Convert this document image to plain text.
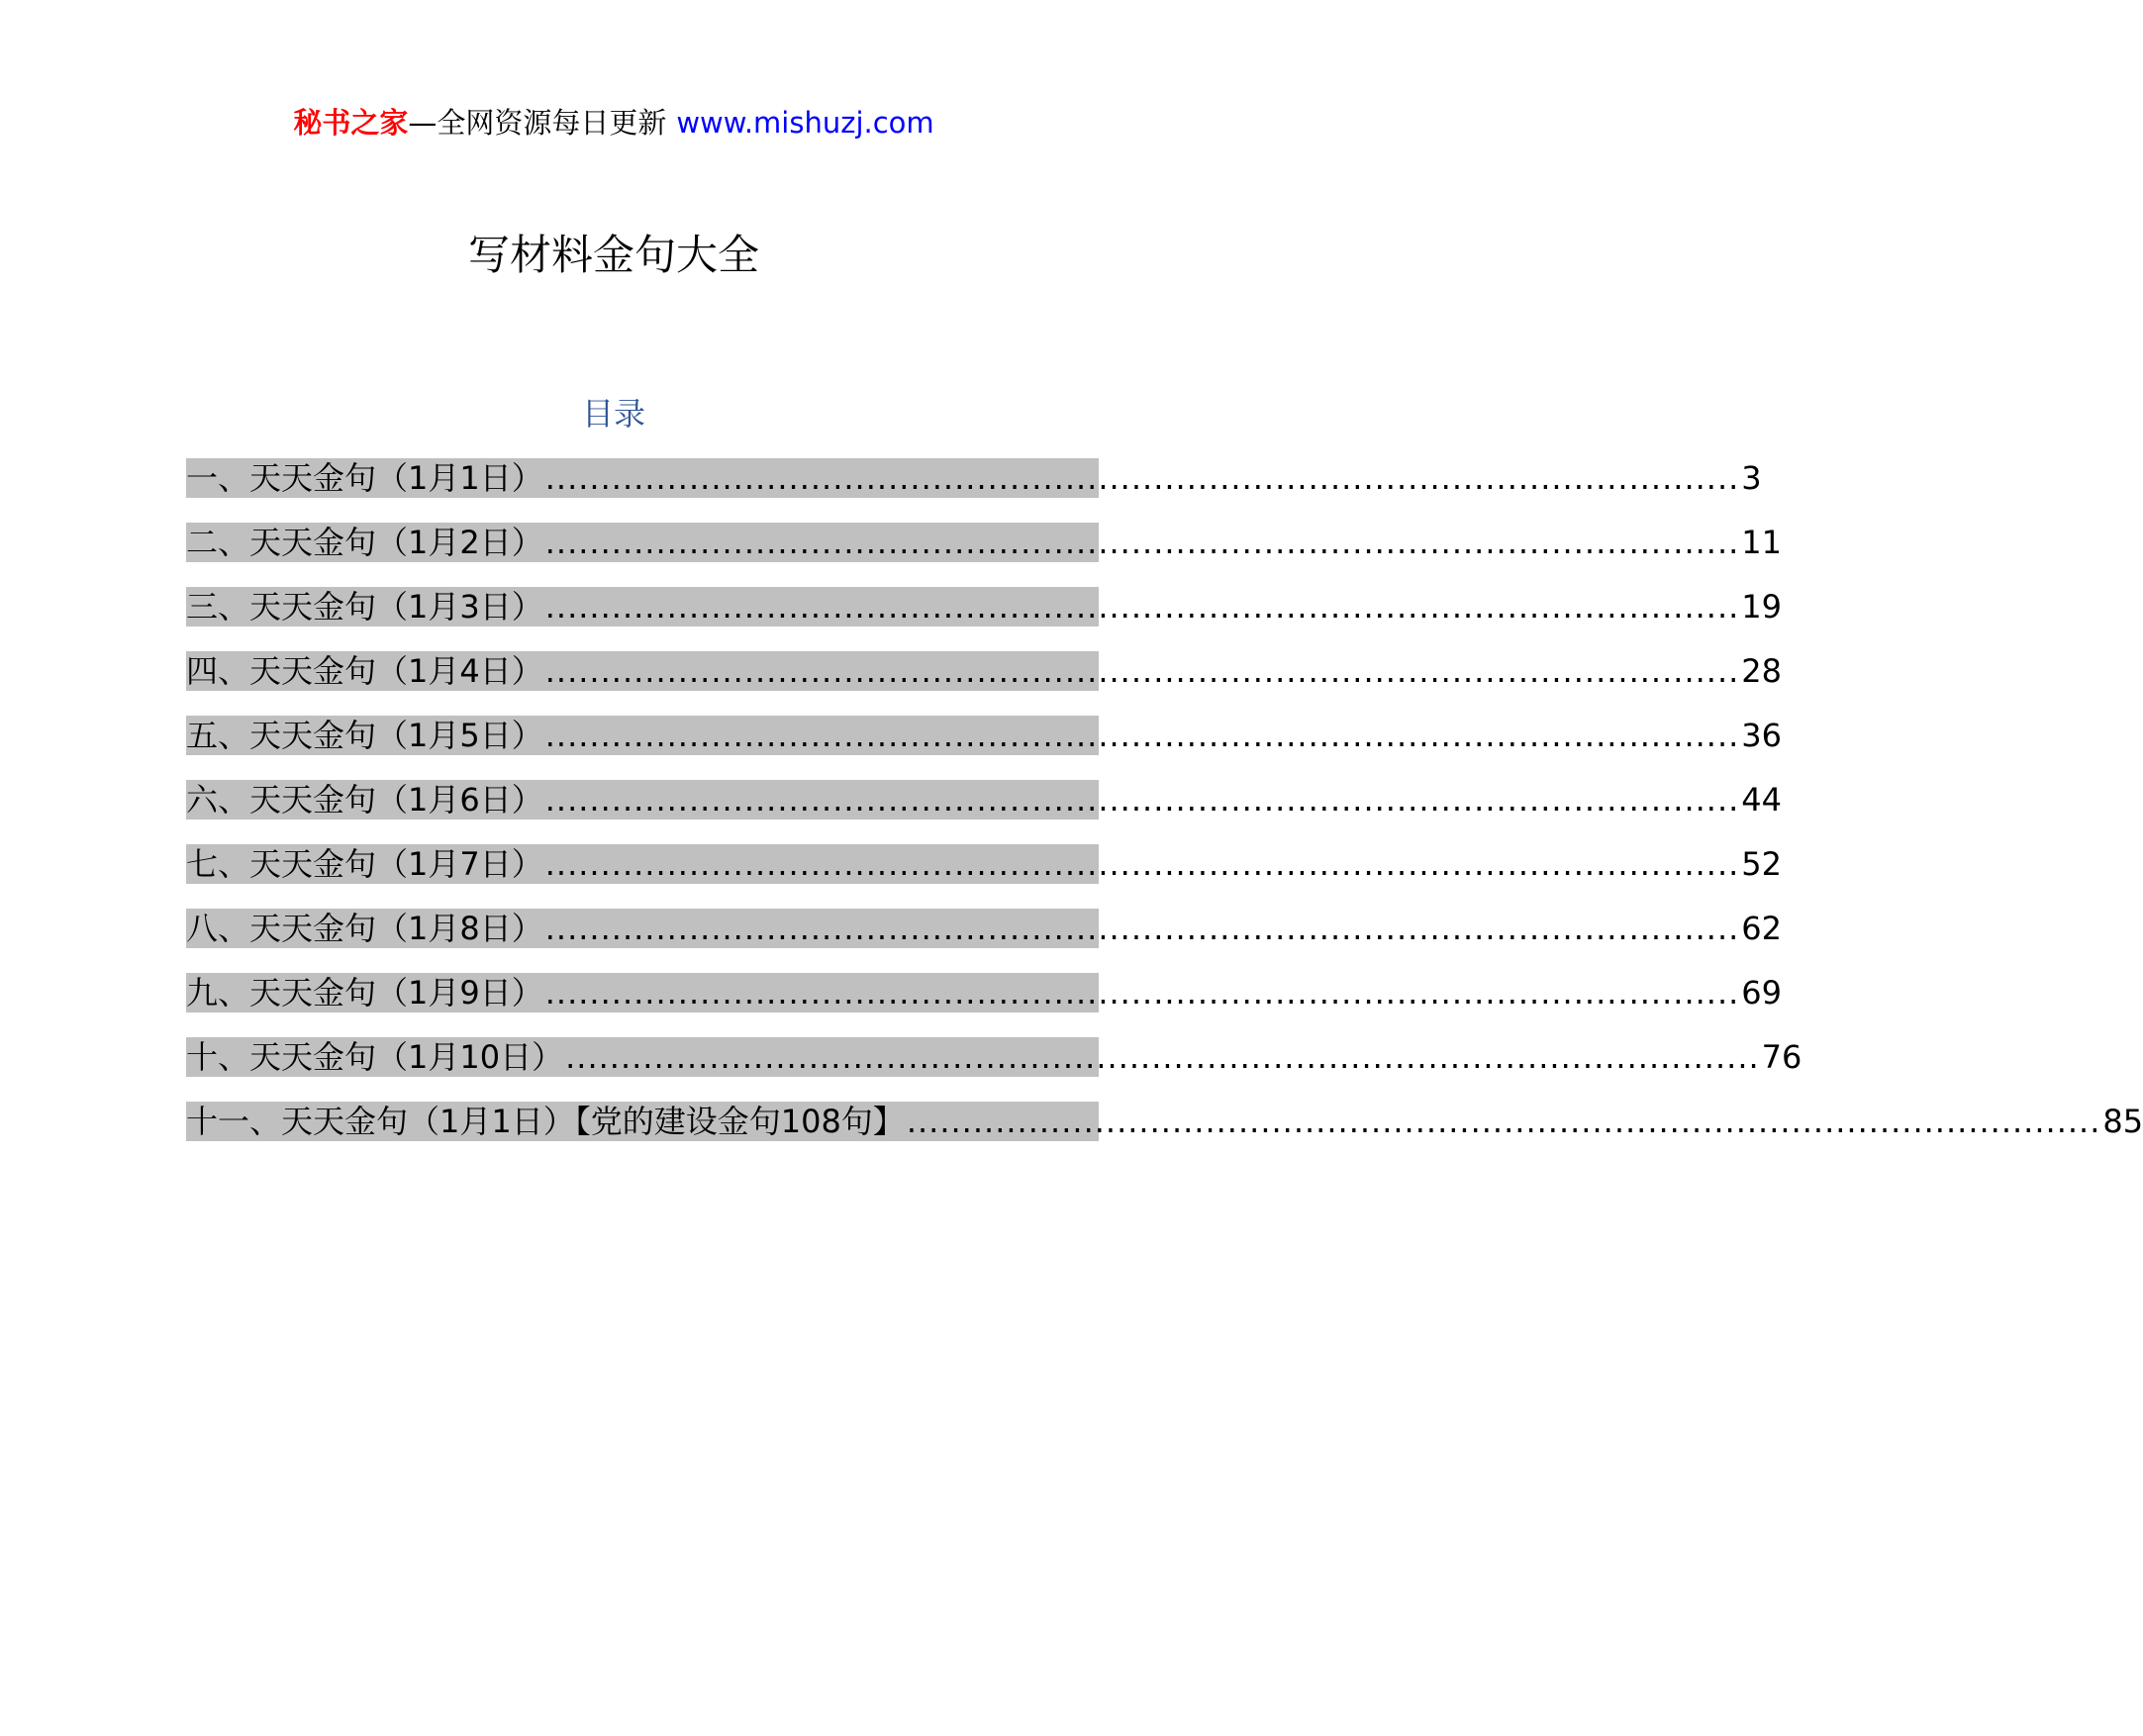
秘书之家—全网资源每日更新 www.mishuzj.com
写材料金句大全
目录
一、天天金句（1月1日） ............................................................................................................ 3
二、天天金句（1月2日） ............................................................................................................ 11
三、天天金句（1月3日） ............................................................................................................ 19
四、天天金句（1月4日） ............................................................................................................ 28
五、天天金句（1月5日） ............................................................................................................ 36
六、天天金句（1月6日） ............................................................................................................ 44
七、天天金句（1月7日） ............................................................................................................ 52
八、天天金句（1月8日） ............................................................................................................ 62
九、天天金句（1月9日） ............................................................................................................ 69
十、天天金句（1月10日） ............................................................................................................ 76
十一、天天金句（1月1日）【党的建设金句108句】 ............................................................................................................ 85
